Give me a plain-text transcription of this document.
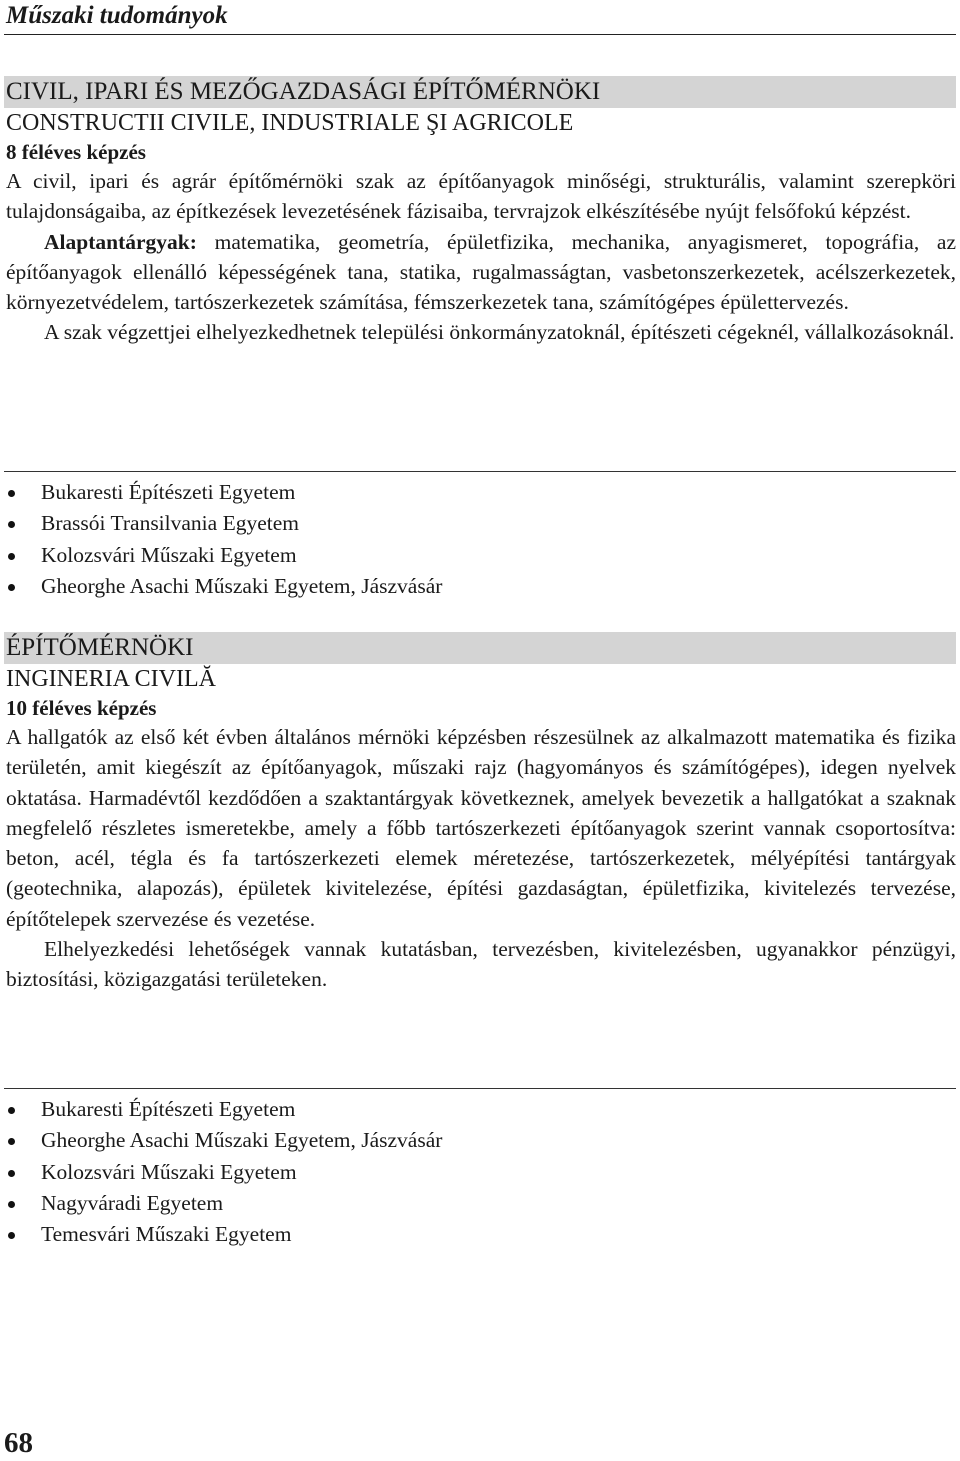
Műszaki tudományok
CIVIL, IPARI ÉS MEZŐGAZDASÁGI ÉPÍTŐMÉRNÖKI
CONSTRUCTII CIVILE, INDUSTRIALE ŞI AGRICOLE
8 féléves képzés

A civil, ipari és agrár építőmérnöki szak az építőanyagok minőségi, strukturális, valamint szerepköri tulajdonságaiba, az építkezések levezetésének fázisaiba, tervrajzok elkészítésébe nyújt felsőfokú képzést.

Alaptantárgyak: matematika, geometría, épületfizika, mechanika, anyagismeret, topográfia, az építőanyagok ellenálló képességének tana, statika, rugalmasságtan, vasbetonszerkezetek, acélszerkezetek, környezetvédelem, tartószerkezetek számítása, fémszerkezetek tana, számítógépes épülettervezés.

A szak végzettjei elhelyezkedhetnek települési önkormányzatoknál, építészeti cégeknél, vállalkozásoknál.

Bukaresti Építészeti Egyetem
Brassói Transilvania Egyetem
Kolozsvári Műszaki Egyetem
Gheorghe Asachi Műszaki Egyetem, Jászvásár
ÉPÍTŐMÉRNÖKI
INGINERIA CIVILĂ
10 féléves képzés

A hallgatók az első két évben általános mérnöki képzésben részesülnek az alkalmazott matematika és fizika területén, amit kiegészít az építőanyagok, műszaki rajz (hagyományos és számítógépes), idegen nyelvek oktatása. Harmadévtől kezdődően a szaktantárgyak következnek, amelyek bevezetik a hallgatókat a szaknak megfelelő részletes ismeretekbe, amely a főbb tartószerkezeti építőanyagok szerint vannak csoportosítva: beton, acél, tégla és fa tartószerkezeti elemek méretezése, tartószerkezetek, mélyépítési tantárgyak (geotechnika, alapozás), épületek kivitelezése, építési gazdaságtan, épületfizika, kivitelezés tervezése, építőtelepek szervezése és vezetése.

Elhelyezkedési lehetőségek vannak kutatásban, tervezésben, kivitelezésben, ugyanakkor pénzügyi, biztosítási, közigazgatási területeken.

Bukaresti Építészeti Egyetem
Gheorghe Asachi Műszaki Egyetem, Jászvásár
Kolozsvári Műszaki Egyetem
Nagyváradi Egyetem
Temesvári Műszaki Egyetem
68
